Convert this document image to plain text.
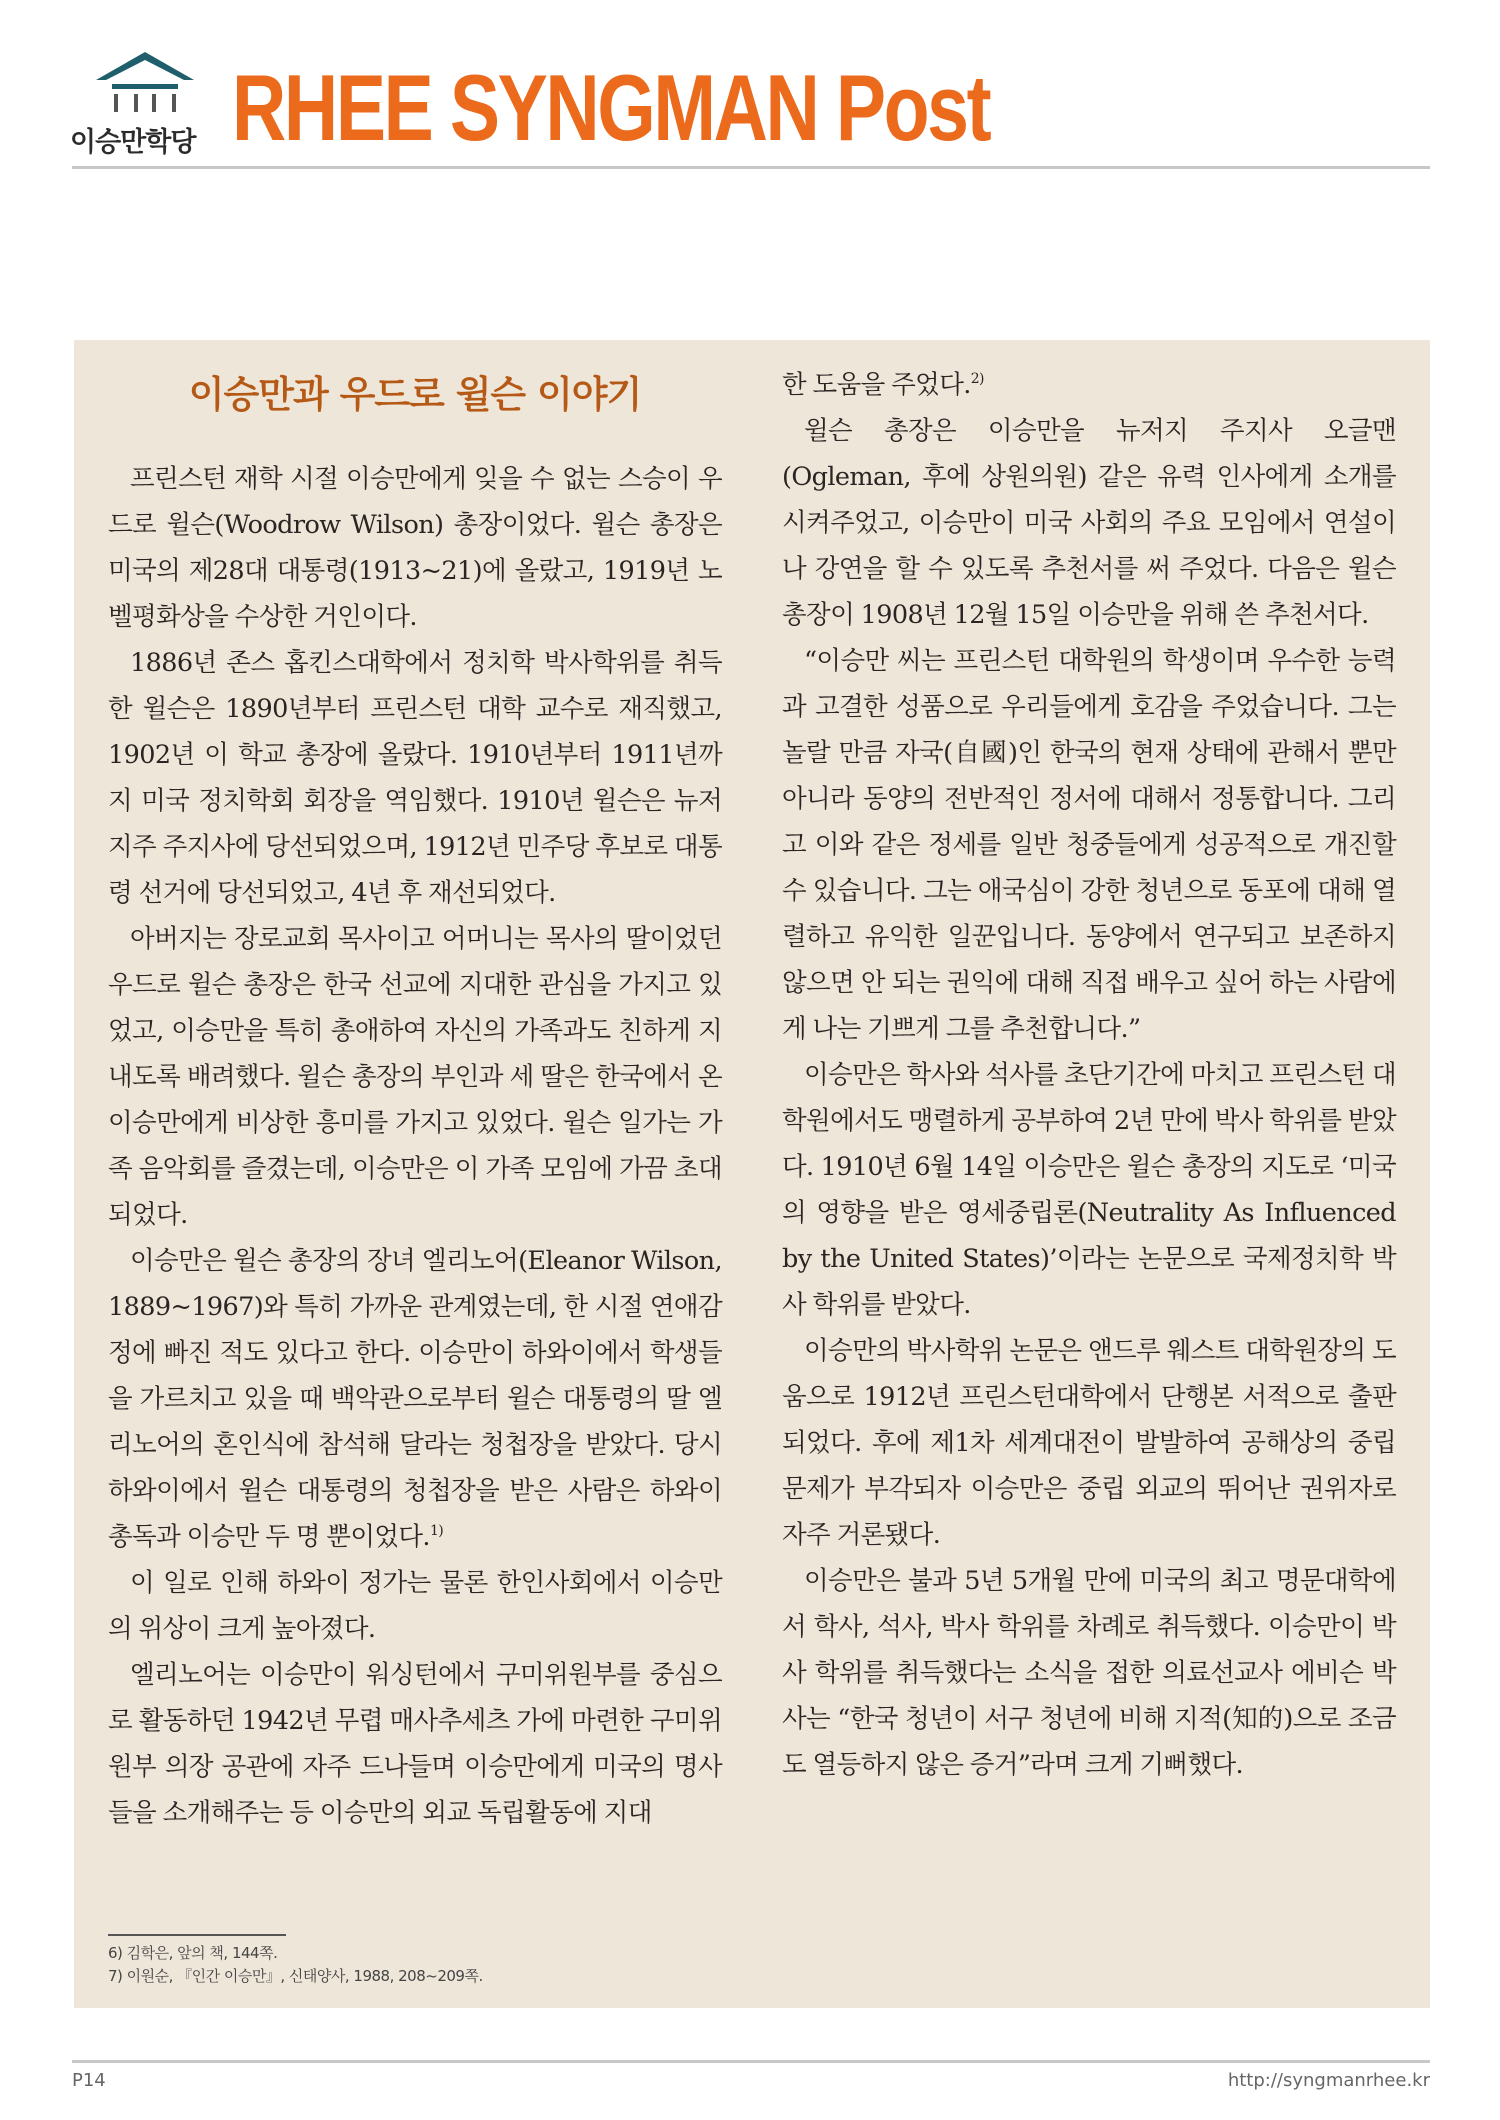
이승만학당 RHEE SYNGMAN Post
이승만과 우드로 윌슨 이야기

프린스턴 재학 시절 이승만에게 잊을 수 없는 스승이 우드로 윌슨(Woodrow Wilson) 총장이었다. 윌슨 총장은 미국의 제28대 대통령(1913~21)에 올랐고, 1919년 노벨평화상을 수상한 거인이다.

1886년 존스 홉킨스대학에서 정치학 박사학위를 취득한 윌슨은 1890년부터 프린스턴 대학 교수로 재직했고, 1902년 이 학교 총장에 올랐다. 1910년부터 1911년까지 미국 정치학회 회장을 역임했다. 1910년 윌슨은 뉴저지주 주지사에 당선되었으며, 1912년 민주당 후보로 대통령 선거에 당선되었고, 4년 후 재선되었다.

아버지는 장로교회 목사이고 어머니는 목사의 딸이었던 우드로 윌슨 총장은 한국 선교에 지대한 관심을 가지고 있었고, 이승만을 특히 총애하여 자신의 가족과도 친하게 지내도록 배려했다. 윌슨 총장의 부인과 세 딸은 한국에서 온 이승만에게 비상한 흥미를 가지고 있었다. 윌슨 일가는 가족 음악회를 즐겼는데, 이승만은 이 가족 모임에 가끔 초대되었다.

이승만은 윌슨 총장의 장녀 엘리노어(Eleanor Wilson, 1889~1967)와 특히 가까운 관계였는데, 한 시절 연애감정에 빠진 적도 있다고 한다. 이승만이 하와이에서 학생들을 가르치고 있을 때 백악관으로부터 윌슨 대통령의 딸 엘리노어의 혼인식에 참석해 달라는 청첩장을 받았다. 당시 하와이에서 윌슨 대통령의 청첩장을 받은 사람은 하와이 총독과 이승만 두 명 뿐이었다.$^{1)}$

이 일로 인해 하와이 정가는 물론 한인사회에서 이승만의 위상이 크게 높아졌다.

엘리노어는 이승만이 워싱턴에서 구미위원부를 중심으로 활동하던 1942년 무렵 매사추세츠 가에 마련한 구미위원부 의장 공관에 자주 드나들며 이승만에게 미국의 명사들을 소개해주는 등 이승만의 외교 독립활동에 지대

한 도움을 주었다.$^{2)}$

윌슨 총장은 이승만을 뉴저지 주지사 오글맨(Ogleman, 후에 상원의원) 같은 유력 인사에게 소개를 시켜주었고, 이승만이 미국 사회의 주요 모임에서 연설이나 강연을 할 수 있도록 추천서를 써 주었다. 다음은 윌슨 총장이 1908년 12월 15일 이승만을 위해 쓴 추천서다.

“이승만 씨는 프린스턴 대학원의 학생이며 우수한 능력과 고결한 성품으로 우리들에게 호감을 주었습니다. 그는 놀랄 만큼 자국(自國)인 한국의 현재 상태에 관해서 뿐만 아니라 동양의 전반적인 정서에 대해서 정통합니다. 그리고 이와 같은 정세를 일반 청중들에게 성공적으로 개진할 수 있습니다. 그는 애국심이 강한 청년으로 동포에 대해 열렬하고 유익한 일꾼입니다. 동양에서 연구되고 보존하지 않으면 안 되는 권익에 대해 직접 배우고 싶어 하는 사람에게 나는 기쁘게 그를 추천합니다.”

이승만은 학사와 석사를 초단기간에 마치고 프린스턴 대학원에서도 맹렬하게 공부하여 2년 만에 박사 학위를 받았다. 1910년 6월 14일 이승만은 윌슨 총장의 지도로 ‘미국의 영향을 받은 영세중립론(Neutrality As Influenced by the United States)’이라는 논문으로 국제정치학 박사 학위를 받았다.

이승만의 박사학위 논문은 앤드루 웨스트 대학원장의 도움으로 1912년 프린스턴대학에서 단행본 서적으로 출판되었다. 후에 제1차 세계대전이 발발하여 공해상의 중립 문제가 부각되자 이승만은 중립 외교의 뛰어난 권위자로 자주 거론됐다.

이승만은 불과 5년 5개월 만에 미국의 최고 명문대학에서 학사, 석사, 박사 학위를 차례로 취득했다. 이승만이 박사 학위를 취득했다는 소식을 접한 의료선교사 에비슨 박사는 “한국 청년이 서구 청년에 비해 지적(知的)으로 조금도 열등하지 않은 증거”라며 크게 기뻐했다.

6) 김학은, 앞의 책, 144쪽.
7) 이원순, 『인간 이승만』, 신태양사, 1988, 208~209쪽.
P14	http://syngmanrhee.kr
